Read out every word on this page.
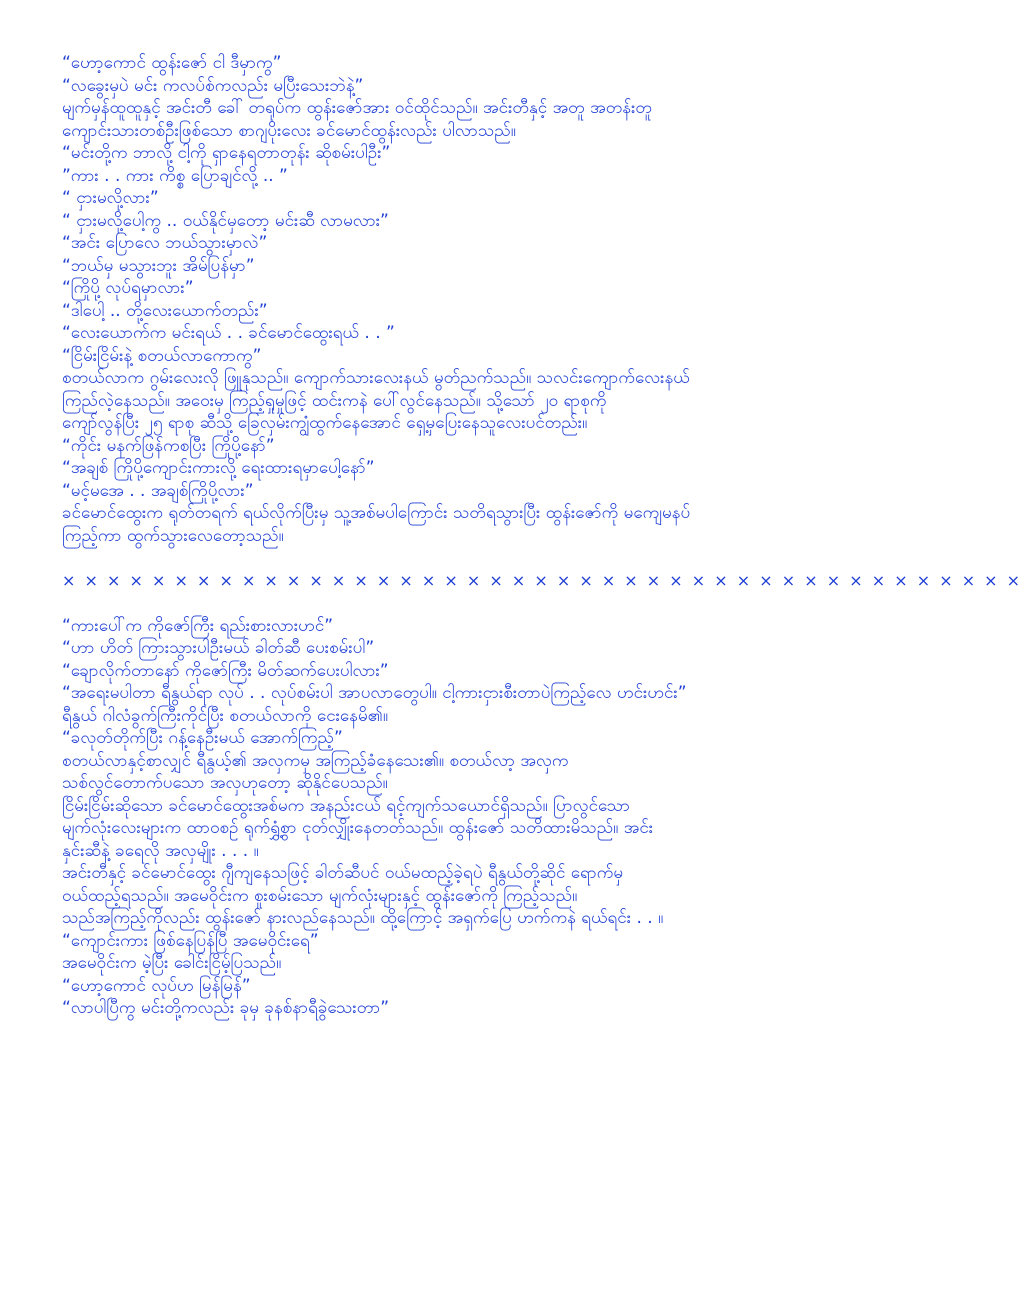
“ဟော့ကောင် ထွန်းဇော် ငါ ဒီမှာကွ”
“လခွေးမှပဲ မင်း ကလပ်စ်ကလည်း မပြီးသေးဘဲနဲ့”
မျက်မှန်ထူထူနှင့် အင်းတီ ခေါ် တရုပ်က ထွန်းဇော်အား ဝင်ထိုင်သည်။ အင်းတီနှင့် အတူ အတန်းတူ
ကျောင်းသားတစ်ဦးဖြစ်သော စာဂျပိုးလေး ခင်မောင်ထွန်းလည်း ပါလာသည်။
“မင်းတို့က ဘာလို့ ငါ့ကို ရှာနေရတာတုန်း ဆိုစမ်းပါဦး”
”ကား . . ကား ကိစ္စ ပြောချင်လို့ .. ”
“ ငှားမလို့လား”
“ ငှားမလို့ပေါ့ကွ .. ဝယ်နိုင်မှတော့ မင်းဆီ လာမလား”
“အင်း ပြောလေ ဘယ်သွားမှာလဲ”
“ဘယ်မှ မသွားဘူး အိမ်ပြန်မှာ”
“ကြိုပို့ လုပ်ရမှာလား”
“ဒါပေါ့ .. တို့လေးယောက်တည်း”
“လေးယောက်က မင်းရယ် . . ခင်မောင်ထွေးရယ် . . ”
“ငြိမ်းငြိမ်းနဲ့ စတယ်လာကောကွ”
စတယ်လာက ဂွမ်းလေးလို ဖြူနုသည်။ ကျောက်သားလေးနယ် မွတ်ညက်သည်။ သလင်းကျောက်လေးနယ်
ကြည်လဲ့နေသည်။ အဝေးမှ ကြည့်ရှုမှုဖြင့် ထင်းကနဲ ပေါ်လွင်နေသည်။ သို့သော် ၂၀ ရာစုကို
ကျော်လွန်ပြီး ၂၅ ရာစု ဆီသို့ ခြေလှမ်းကျွံထွက်နေအောင် ရှေ့မှပြေးနေသူလေးပင်တည်း။
“ကိုင်း မနက်ဖြန်ကစပြီး ကြိုပို့နော်”
“အချစ် ကြိုပို့ကျောင်းကားလို့ ရေးထားရမှာပေါ့နော်”
“မင့်မအေ . . အချစ်ကြိုပို့လား”
ခင်မောင်ထွေးက ရုတ်တရက် ရယ်လိုက်ပြီးမှ သူ့အစ်မပါကြောင်း သတိရသွားပြီး ထွန်းဇော်ကို မကျေမနပ်
ကြည့်ကာ ထွက်သွားလေတော့သည်။
× × × × × × × × × × × × × × × × × × × × × × × × × × × × × × × × × × × × × × × × × × ×
“ကားပေါ်က ကိုဇော်ကြီး ရည်းစားလားဟင်”
“ဟာ ဟိတ် ကြားသွားပါဦးမယ် ခါတ်ဆီ ပေးစမ်းပါ”
“ချောလိုက်တာနော် ကိုဇော်ကြီး မိတ်ဆက်ပေးပါလား”
“အရေးမပါတာ ရီနွယ်ရာ လုပ် . . လုပ်စမ်းပါ အာပလာတွေပါ။ ငါ့ကားငှားစီးတာပဲကြည့်လေ ဟင်းဟင်း”
ရီနွယ် ဂါလံခွက်ကြီးကိုင်ပြီး စတယ်လာကို ငေးနေမိ၏။
“ခလုတ်တိုက်ပြီး ဂန့်နေဦးမယ် အောက်ကြည့်”
စတယ်လာနှင့်စာလျှင် ရီနွယ့်၏ အလှကမှ အကြည့်ခံနေသေး၏။ စတယ်လာ့ အလှက
သစ်လွင်တောက်ပသော အလှဟုတော့ ဆိုနိုင်ပေသည်။
ငြိမ်းငြိမ်းဆိုသော ခင်မောင်ထွေးအစ်မက အနည်းငယ် ရင့်ကျက်သယောင်ရှိသည်။ ပြာလွင်သော
မျက်လုံးလေးများက ထာဝစဉ် ရုက်ရွှံ့စွာ ငုတ်လျှိုးနေတတ်သည်။ ထွန်းဇော် သတိထားမိသည်။ အင်း
နှင်းဆီနဲ့ ခရေလို အလှမျိုး . . . ။
အင်းတီနှင့် ခင်မောင်ထွေး ဂျီကျနေသဖြင့် ခါတ်ဆီပင် ဝယ်မထည့်ခဲ့ရပဲ ရီနွယ်တို့ဆိုင် ရောက်မှ
ဝယ်ထည့်ရသည်။ အမေဝိုင်းက စူးစမ်းသော မျက်လုံးများနှင့် ထွန်းဇော်ကို ကြည့်သည်။
သည်အကြည့်ကိုလည်း ထွန်းဇော် နားလည်နေသည်။ ထို့ကြောင့် အရှက်ပြေ ဟက်ကနဲ ရယ်ရင်း . . ။
“ကျောင်းကား ဖြစ်နေပြန်ပြီ အမေဝိုင်းရေ”
အမေဝိုင်းက မဲ့ပြီး ခေါင်းငြိမ့်ပြသည်။
“ဟော့ကောင် လုပ်ဟ မြန်မြန်”
“လာပါပြီကွ မင်းတို့ကလည်း ခုမှ ခုနစ်နာရီခွဲသေးတာ”
